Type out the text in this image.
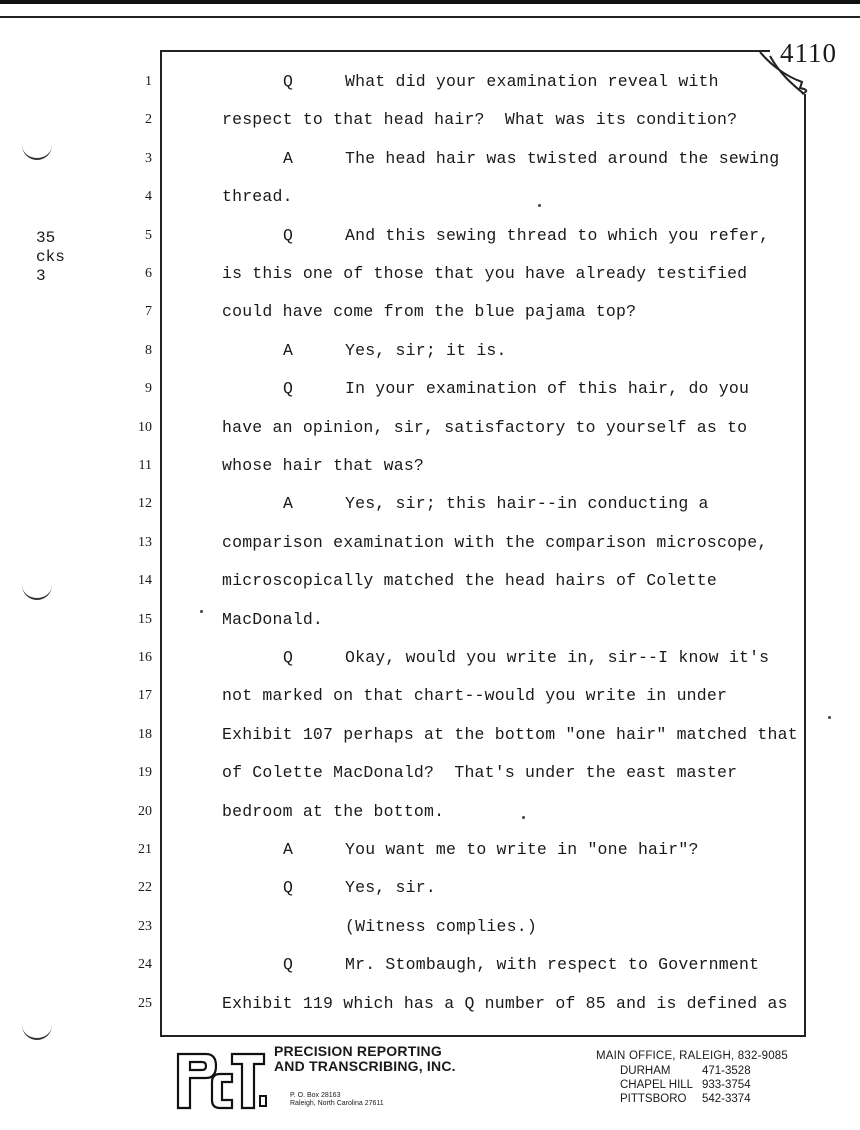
4110
35
cks
3
1	Q	What did your examination reveal with
2	respect to that head hair?  What was its condition?
3	A	The head hair was twisted around the sewing
4	thread.
5	Q	And this sewing thread to which you refer,
6	is this one of those that you have already testified
7	could have come from the blue pajama top?
8	A	Yes, sir; it is.
9	Q	In your examination of this hair, do you
10	have an opinion, sir, satisfactory to yourself as to
11	whose hair that was?
12	A	Yes, sir; this hair--in conducting a
13	comparison examination with the comparison microscope,
14	microscopically matched the head hairs of Colette
15	MacDonald.
16	Q	Okay, would you write in, sir--I know it's
17	not marked on that chart--would you write in under
18	Exhibit 107 perhaps at the bottom "one hair" matched that
19	of Colette MacDonald?  That's under the east master
20	bedroom at the bottom.
21	A	You want me to write in "one hair"?
22	Q	Yes, sir.
23	(Witness complies.)
24	Q	Mr. Stombaugh, with respect to Government
25	Exhibit 119 which has a Q number of 85 and is defined as
PRECISION REPORTING
AND TRANSCRIBING, INC.
P. O. Box 28163
Raleigh, North Carolina 27611
MAIN OFFICE, RALEIGH, 832-9085
DURHAM	471-3528
CHAPEL HILL 933-3754
PITTSBORO	542-3374
